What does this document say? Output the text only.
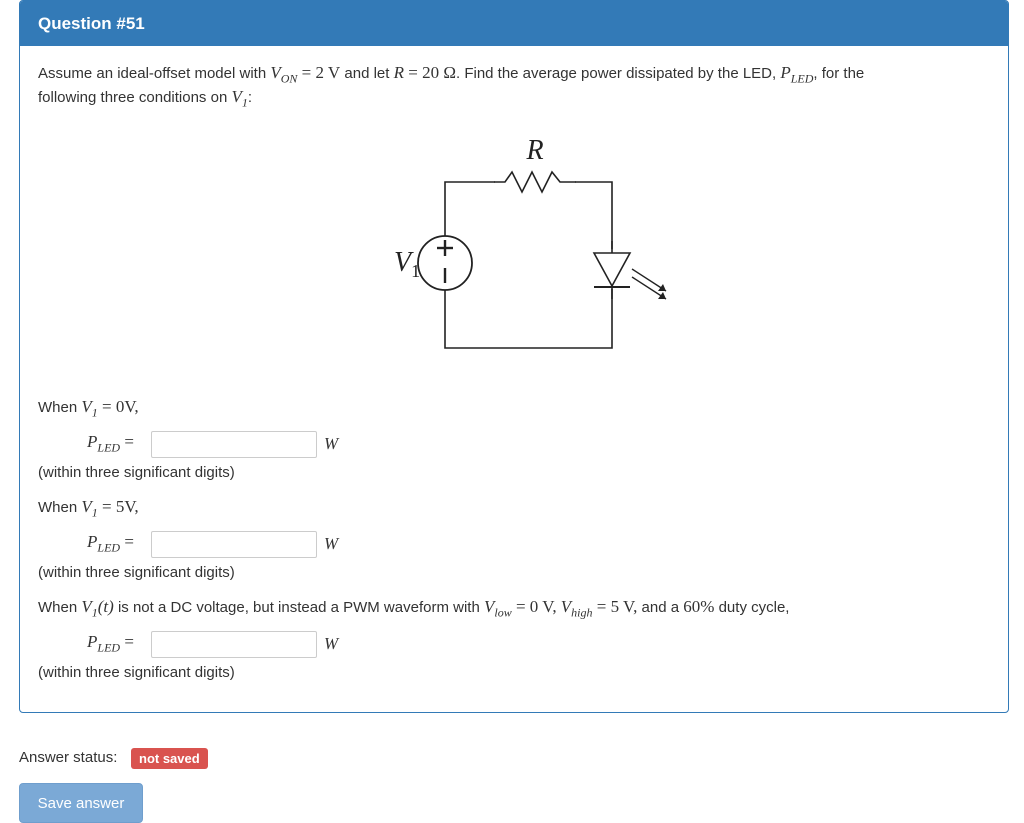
Question #51
Assume an ideal-offset model with $V_{ON} = 2$ V and let R = 20 Ω. Find the average power dissipated by the LED, $P_{LED}$, for the
following three conditions on $V_1$:
R
$V_1$
When $V_1 = 0V$,
$P_{LED}$ =	W
(within three significant digits)
When $V_1 = 5V$,
$P_{LED}$ =	W
(within three significant digits)
When $V_1(t)$ is not a DC voltage, but instead a PWM waveform with $V_{low} = 0$ V, $V_{high} = 5$ V, and a 60% duty cycle,
$P_{LED}$ =	W
(within three significant digits)
Answer status:	not saved
Save answer
